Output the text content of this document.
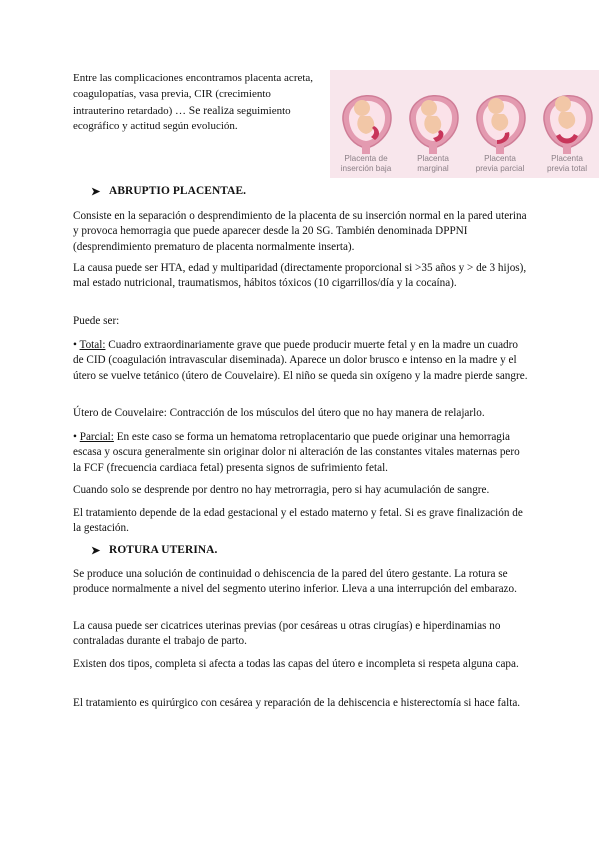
Entre las complicaciones encontramos placenta acreta, coagulopatías, vasa previa, CIR (crecimiento intrauterino retardado) … Se realiza seguimiento ecográfico y actitud según evolución.
Placenta de
inserción baja
Placenta
marginal
Placenta
previa parcial
Placenta
previa total
➤ ABRUPTIO PLACENTAE.

Consiste en la separación o desprendimiento de la placenta de su inserción normal en la pared uterina y provoca hemorragia que puede aparecer desde la 20 SG. También denominada DPPNI (desprendimiento prematuro de placenta normalmente inserta).

La causa puede ser HTA, edad y multiparidad (directamente proporcional si >35 años y > de 3 hijos), mal estado nutricional, traumatismos, hábitos tóxicos (10 cigarrillos/día y la cocaína).

Puede ser:

• Total: Cuadro extraordinariamente grave que puede producir muerte fetal y en la madre un cuadro de CID (coagulación intravascular diseminada). Aparece un dolor brusco e intenso en la madre y el útero se vuelve tetánico (útero de Couvelaire). El niño se queda sin oxígeno y la madre pierde sangre.

Útero de Couvelaire: Contracción de los músculos del útero que no hay manera de relajarlo.

• Parcial: En este caso se forma un hematoma retroplacentario que puede originar una hemorragia escasa y oscura generalmente sin originar dolor ni alteración de las constantes vitales maternas pero la FCF (frecuencia cardiaca fetal) presenta signos de sufrimiento fetal.

Cuando solo se desprende por dentro no hay metrorragia, pero si hay acumulación de sangre.

El tratamiento depende de la edad gestacional y el estado materno y fetal. Si es grave finalización de la gestación.

➤ ROTURA UTERINA.

Se produce una solución de continuidad o dehiscencia de la pared del útero gestante. La rotura se produce normalmente a nivel del segmento uterino inferior. Lleva a una interrupción del embarazo.

La causa puede ser cicatrices uterinas previas (por cesáreas u otras cirugías) e hiperdinamias no contraladas durante el trabajo de parto.

Existen dos tipos, completa si afecta a todas las capas del útero e incompleta si respeta alguna capa.

El tratamiento es quirúrgico con cesárea y reparación de la dehiscencia e histerectomía si hace falta.
